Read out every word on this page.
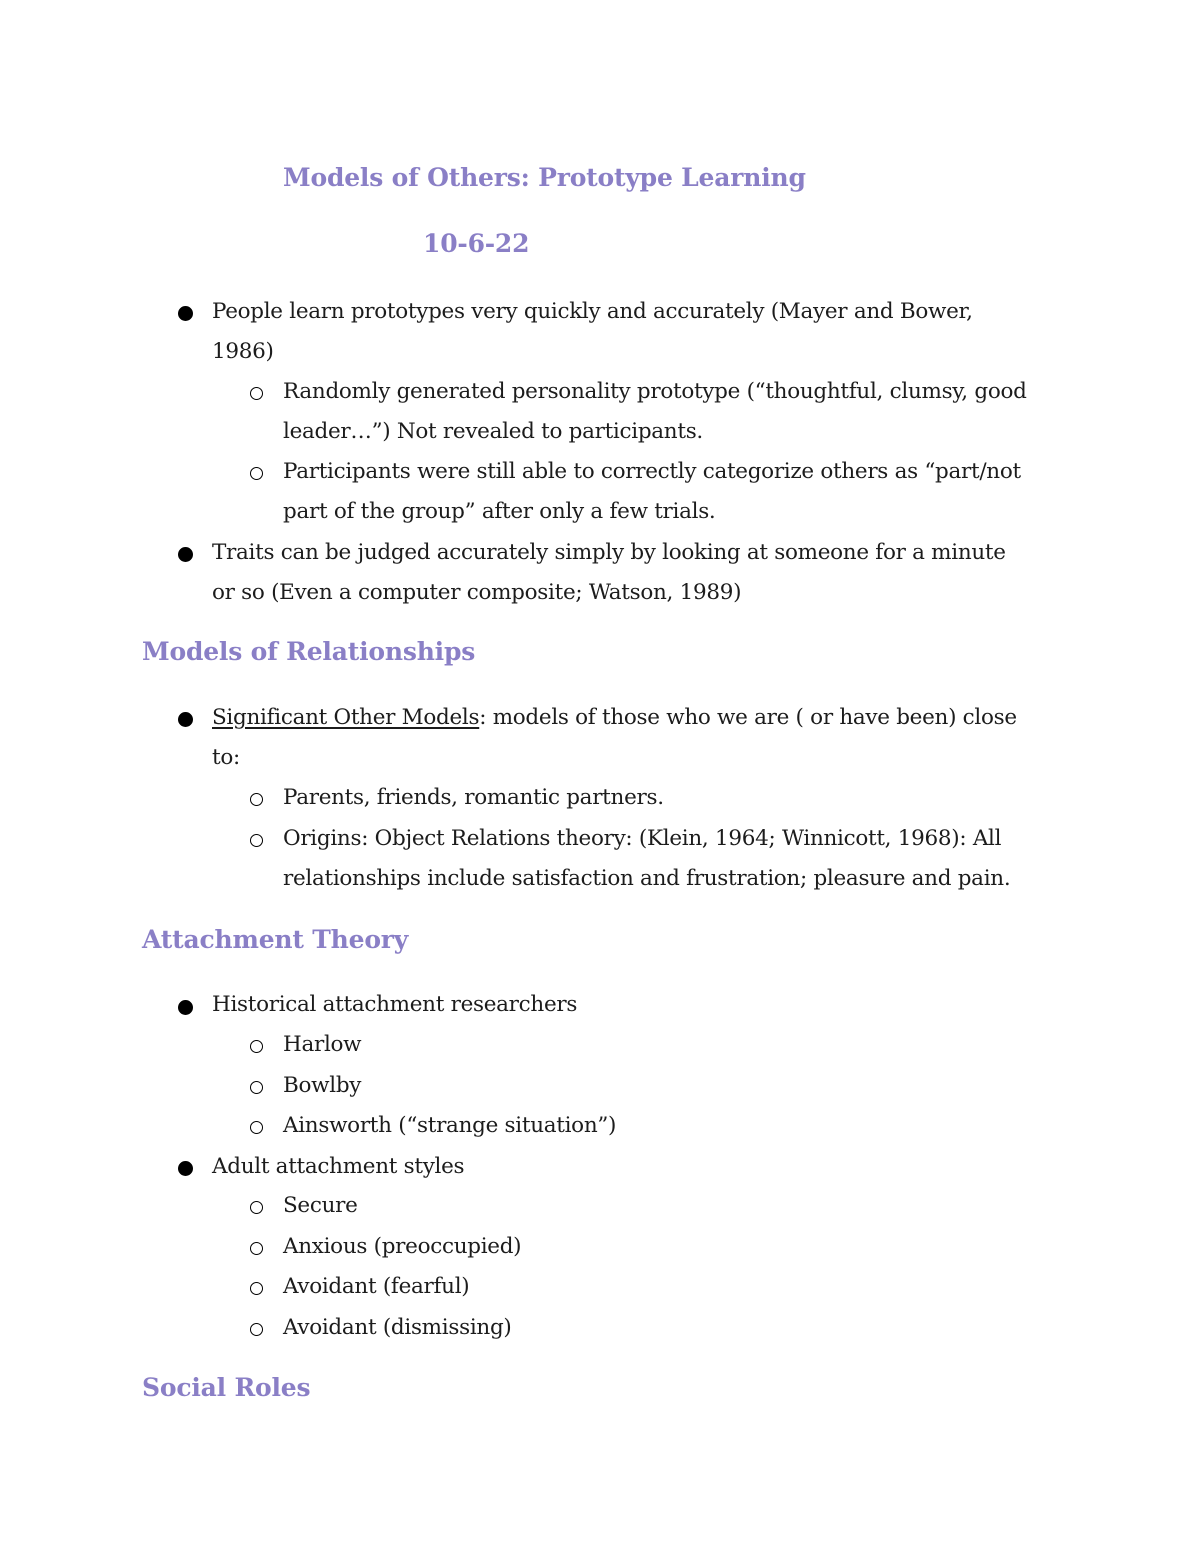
Models of Others: Prototype Learning
10-6-22
People learn prototypes very quickly and accurately (Mayer and Bower,
1986)
Randomly generated personality prototype (“thoughtful, clumsy, good
leader…”) Not revealed to participants.
Participants were still able to correctly categorize others as “part/not
part of the group” after only a few trials.
Traits can be judged accurately simply by looking at someone for a minute
or so (Even a computer composite; Watson, 1989)
Models of Relationships
Significant Other Models: models of those who we are ( or have been) close
to:
Parents, friends, romantic partners.
Origins: Object Relations theory: (Klein, 1964; Winnicott, 1968): All
relationships include satisfaction and frustration; pleasure and pain.
Attachment Theory
Historical attachment researchers
Harlow
Bowlby
Ainsworth (“strange situation”)
Adult attachment styles
Secure
Anxious (preoccupied)
Avoidant (fearful)
Avoidant (dismissing)
Social Roles
